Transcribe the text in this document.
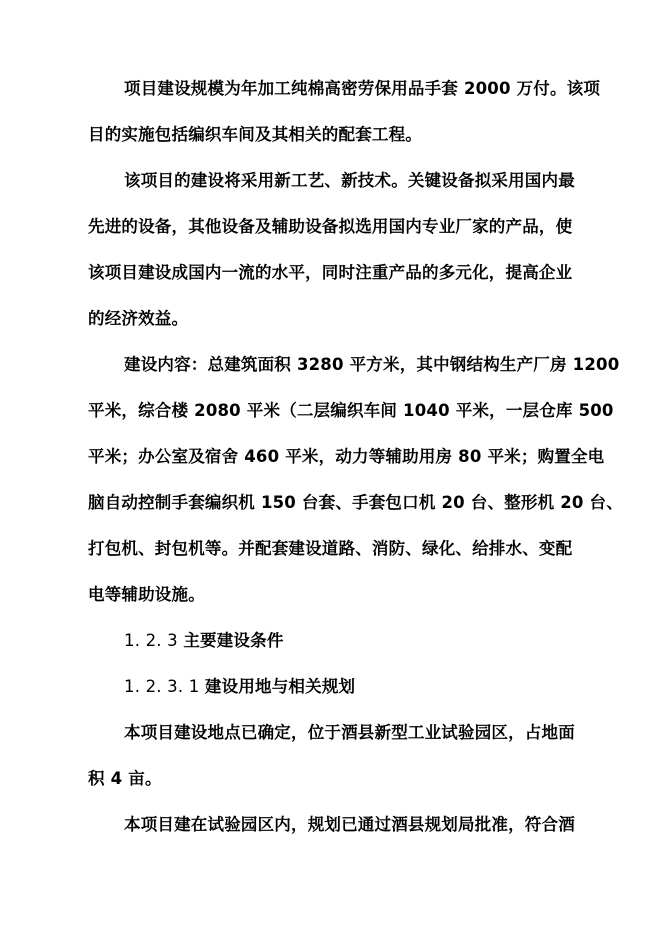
项目建设规模为年加工纯棉高密劳保用品手套 2000 万付。该项
目的实施包括编织车间及其相关的配套工程。
该项目的建设将采用新工艺、新技术。关键设备拟采用国内最
先进的设备，其他设备及辅助设备拟选用国内专业厂家的产品，使
该项目建设成国内一流的水平，同时注重产品的多元化，提高企业
的经济效益。
建设内容：总建筑面积 3280 平方米，其中钢结构生产厂房 1200
平米，综合楼 2080 平米（二层编织车间 1040 平米，一层仓库 500
平米；办公室及宿舍 460 平米，动力等辅助用房 80 平米；购置全电
脑自动控制手套编织机 150 台套、手套包口机 20 台、整形机 20 台、
打包机、封包机等。并配套建设道路、消防、绿化、给排水、变配
电等辅助设施。
1. 2. 3 主要建设条件
1. 2. 3. 1 建设用地与相关规划
本项目建设地点已确定，位于酒县新型工业试验园区，占地面
积 4 亩。
本项目建在试验园区内，规划已通过酒县规划局批准，符合酒
